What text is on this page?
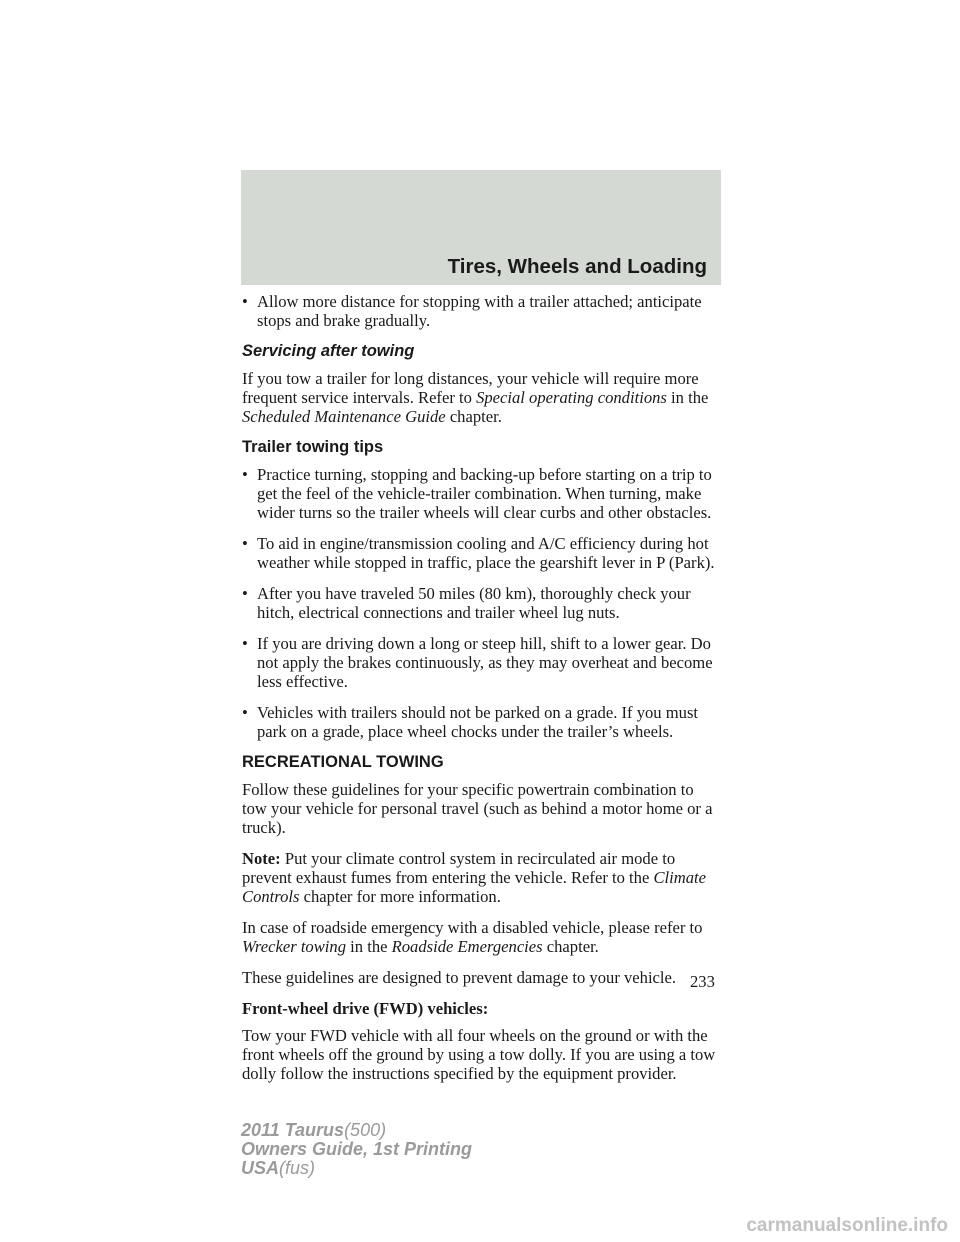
Tires, Wheels and Loading
• Allow more distance for stopping with a trailer attached; anticipate stops and brake gradually.
Servicing after towing

If you tow a trailer for long distances, your vehicle will require more frequent service intervals. Refer to Special operating conditions in the Scheduled Maintenance Guide chapter.

Trailer towing tips
• Practice turning, stopping and backing-up before starting on a trip to get the feel of the vehicle-trailer combination. When turning, make wider turns so the trailer wheels will clear curbs and other obstacles.
• To aid in engine/transmission cooling and A/C efficiency during hot weather while stopped in traffic, place the gearshift lever in P (Park).
• After you have traveled 50 miles (80 km), thoroughly check your hitch, electrical connections and trailer wheel lug nuts.
• If you are driving down a long or steep hill, shift to a lower gear. Do not apply the brakes continuously, as they may overheat and become less effective.
• Vehicles with trailers should not be parked on a grade. If you must park on a grade, place wheel chocks under the trailer’s wheels.
RECREATIONAL TOWING

Follow these guidelines for your specific powertrain combination to tow your vehicle for personal travel (such as behind a motor home or a truck).

Note: Put your climate control system in recirculated air mode to prevent exhaust fumes from entering the vehicle. Refer to the Climate Controls chapter for more information.

In case of roadside emergency with a disabled vehicle, please refer to Wrecker towing in the Roadside Emergencies chapter.

These guidelines are designed to prevent damage to your vehicle.

Front-wheel drive (FWD) vehicles:

Tow your FWD vehicle with all four wheels on the ground or with the front wheels off the ground by using a tow dolly. If you are using a tow dolly follow the instructions specified by the equipment provider.

233
2011 Taurus(500)
Owners Guide, 1st Printing
USA(fus)
carmanualsonline.info
